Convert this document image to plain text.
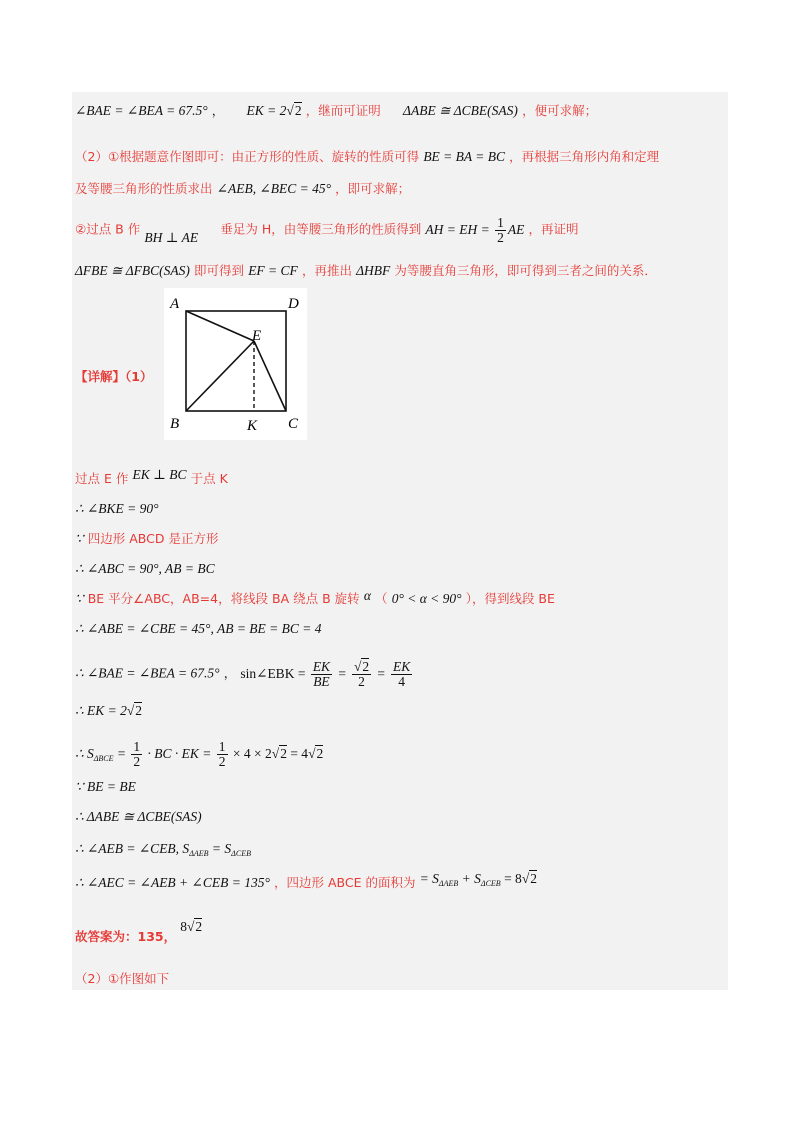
∠BAE = ∠BEA = 67.5° ， EK = 2√2 ，继而可证明 ΔABE ≅ ΔCBE(SAS) ，便可求解；
（2）①根据题意作图即可：由正方形的性质、旋转的性质可得 BE = BA = BC ，再根据三角形内角和定理
及等腰三角形的性质求出 ∠AEB, ∠BEC = 45° ，即可求解；
②过点 B 作 BH ⊥ AE  垂足为 H，由等腰三角形的性质得到 AH = EH = $\frac{1}{2}$ AE ，再证明
ΔFBE ≅ ΔFBC(SAS) 即可得到 EF = CF ，再推出 ΔHBF 为等腰直角三角形，即可得到三者之间的关系．
【详解】（1）
A	D
E
B	K C
过点 E 作 EK ⊥ BC 于点 K
∴ ∠BKE = 90°
∵ 四边形 ABCD 是正方形
∴ ∠ABC = 90°, AB = BC
∵ BE 平分∠ABC，AB=4，将线段 BA 绕点 B 旋转 α （ 0° < α < 90° ），得到线段 BE
∴ ∠ABE = ∠CBE = 45°, AB = BE = BC = 4
∴ ∠BAE = ∠BEA = 67.5° ， sin∠EBK = $\frac{EK}{BE} = \frac{√2}{2} = \frac{EK}{4}$
∴ EK = 2√2
∴ $S_{\Delta BCE} = \frac{1}{2}$ · BC · EK = $\frac{1}{2} \times 4 \times 2√2 = 4√2$
∵ BE = BE
∴ ΔABE ≅ ΔCBE(SAS)
∴ ∠AEB = ∠CEB, $S_{\Delta AEB} = S_{\Delta CEB}$
∴ ∠AEC = ∠AEB + ∠CEB = 135° ，四边形 ABCE 的面积为 = $S_{\Delta AEB} + S_{\Delta CEB} = 8√2$
故答案为：135， 8√2
（2）①作图如下
